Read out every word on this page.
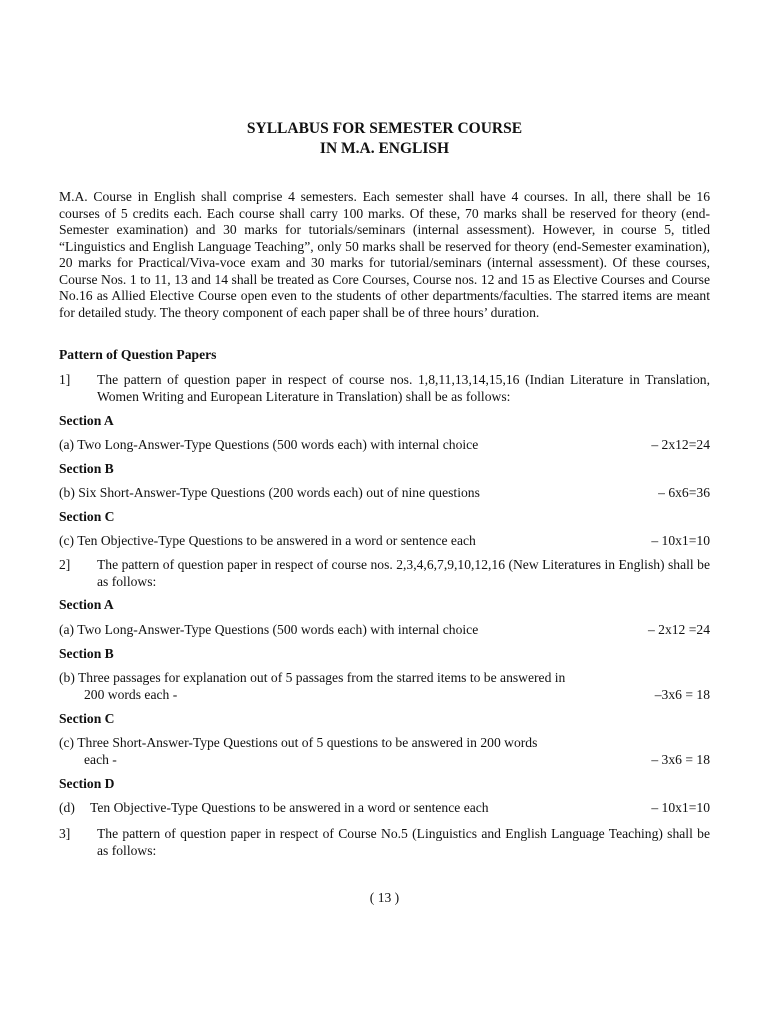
SYLLABUS FOR SEMESTER COURSE
IN M.A. ENGLISH

M.A. Course in English shall comprise 4 semesters. Each semester shall have 4 courses. In all, there shall be 16 courses of 5 credits each. Each course shall carry 100 marks. Of these, 70 marks shall be reserved for theory (end-Semester examination) and 30 marks for tutorials/seminars (internal assessment). However, in course 5, titled “Linguistics and English Language Teaching”, only 50 marks shall be reserved for theory (end-Semester examination), 20 marks for Practical/Viva-voce exam and 30 marks for tutorial/seminars (internal assessment). Of these courses, Course Nos. 1 to 11, 13 and 14 shall be treated as Core Courses, Course nos. 12 and 15 as Elective Courses and Course No.16 as Allied Elective Course open even to the students of other departments/faculties. The starred items are meant for detailed study. The theory component of each paper shall be of three hours’ duration.

Pattern of Question Papers
1] The pattern of question paper in respect of course nos. 1,8,11,13,14,15,16 (Indian Literature in Translation, Women Writing and European Literature in Translation) shall be as follows:
Section A
(a) Two Long-Answer-Type Questions (500 words each) with internal choice	– 2x12=24
Section B
(b) Six Short-Answer-Type Questions (200 words each) out of nine questions	– 6x6=36
Section C
(c) Ten Objective-Type Questions to be answered in a word or sentence each	– 10x1=10
2] The pattern of question paper in respect of course nos. 2,3,4,6,7,9,10,12,16 (New Literatures in English) shall be as follows:
Section A
(a) Two Long-Answer-Type Questions (500 words each) with internal choice	– 2x12 =24
Section B
(b) Three passages for explanation out of 5 passages from the starred items to be answered in
200 words each -	–3x6 = 18
Section C
(c) Three Short-Answer-Type Questions out of 5 questions to be answered in 200 words
each -	– 3x6 = 18
Section D
(d) Ten Objective-Type Questions to be answered in a word or sentence each	– 10x1=10
3] The pattern of question paper in respect of Course No.5 (Linguistics and English Language Teaching) shall be as follows:
( 13 )
